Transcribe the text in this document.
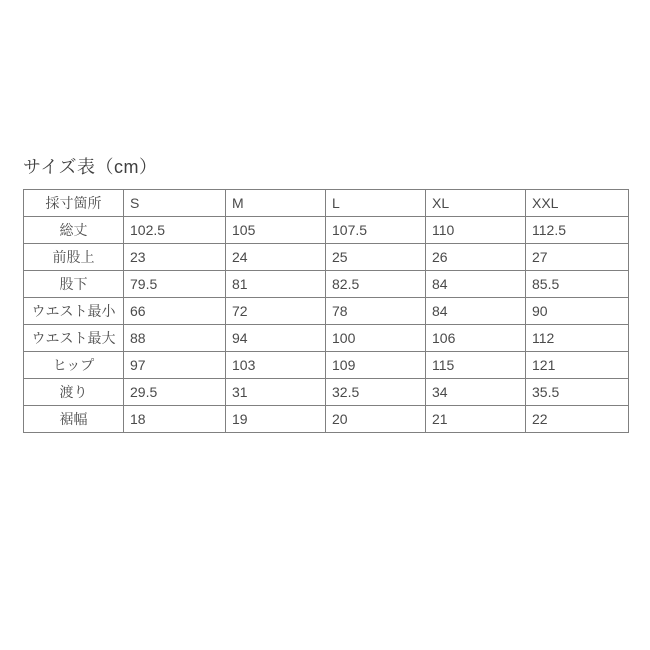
サイズ表（cm）
採寸箇所	S	M	L	XL	XXL
総丈	102.5	105	107.5	110	112.5
前股上	23	24	25	26	27
股下	79.5	81	82.5	84	85.5
ウエスト最小	66	72	78	84	90
ウエスト最大	88	94	100	106	112
ヒップ	97	103	109	115	121
渡り	29.5	31	32.5	34	35.5
裾幅	18	19	20	21	22
